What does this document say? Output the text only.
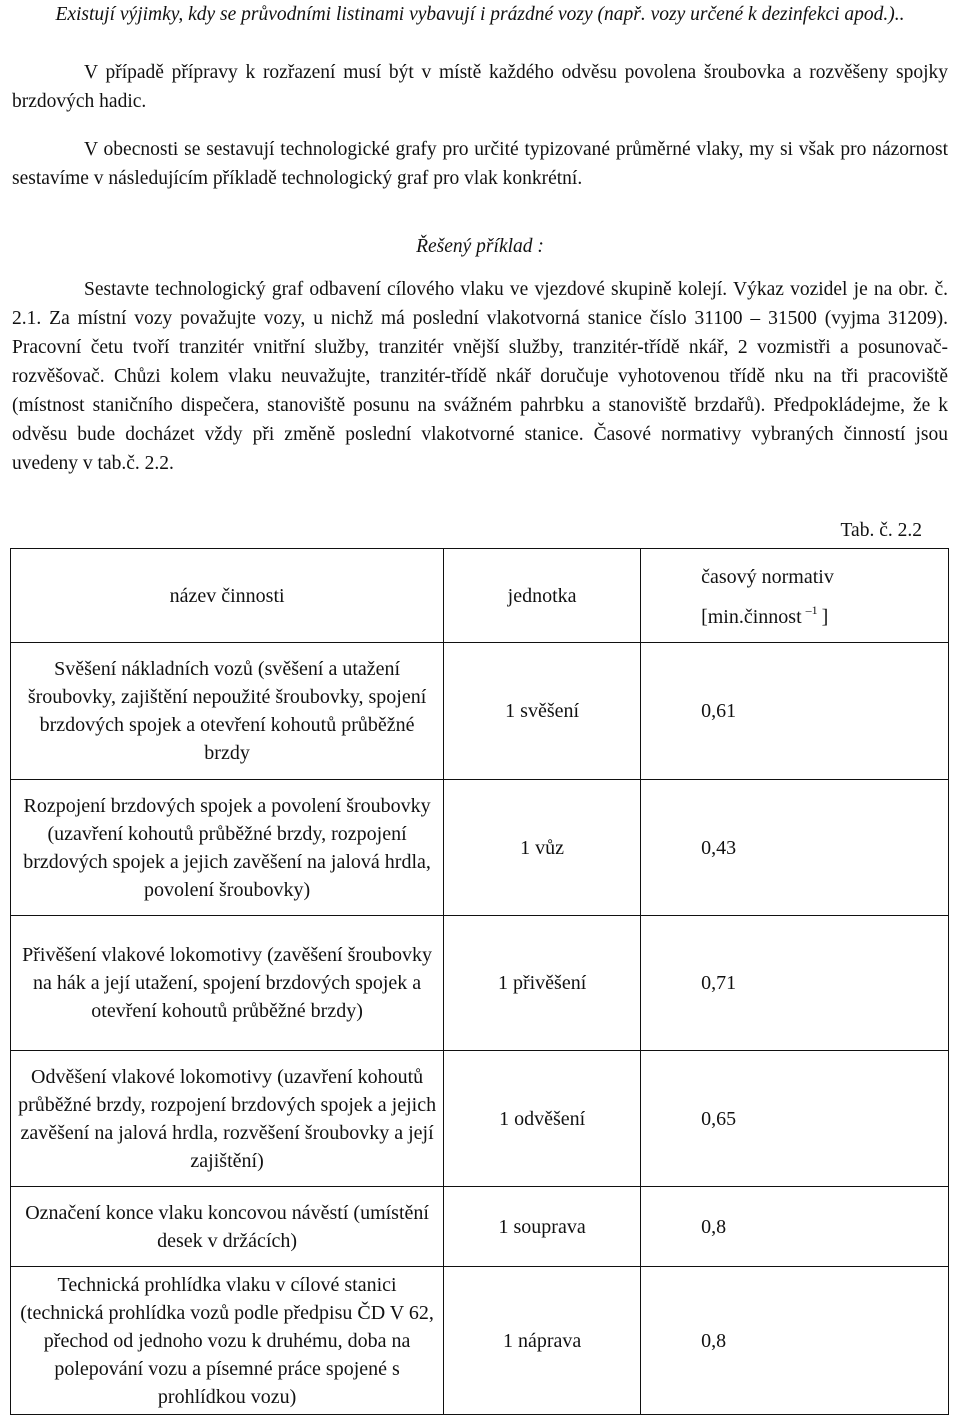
Existují výjimky, kdy se průvodními listinami vybavují i prázdné vozy (např. vozy určené k dezinfekci apod.)..
V případě přípravy k rozřazení musí být v místě každého odvěsu povolena šroubovka a rozvěšeny spojky brzdových hadic.
V obecnosti se sestavují technologické grafy pro určité typizované průměrné vlaky, my si však pro názornost sestavíme v následujícím příkladě technologický graf pro vlak konkrétní.
Řešený příklad :
Sestavte technologický graf odbavení cílového vlaku ve vjezdové skupině kolejí. Výkaz vozidel je na obr. č. 2.1. Za místní vozy považujte vozy, u nichž má poslední vlakotvorná stanice číslo 31100 – 31500 (vyjma 31209). Pracovní četu tvoří tranzitér vnitřní služby, tranzitér vnější služby, tranzitér-třídě nkář, 2 vozmistři a posunovač-rozvěšovač. Chůzi kolem vlaku neuvažujte, tranzitér-třídě nkář doručuje vyhotovenou třídě nku na tři pracoviště (místnost staničního dispečera, stanoviště posunu na svážném pahrbku a stanoviště brzdařů). Předpokládejme, že k odvěsu bude docházet vždy při změně poslední vlakotvorné stanice. Časové normativy vybraných činností jsou uvedeny v tab.č. 2.2.
Tab. č. 2.2
název činnosti	jednotka	časový normativ
[min.činnost $^{-1}$ ]

Svěšení nákladních vozů (svěšení a utažení šroubovky, zajištění nepoužité šroubovky, spojení brzdových spojek a otevření kohoutů průběžné brzdy	1 svěšení	0,61
Rozpojení brzdových spojek a povolení šroubovky (uzavření kohoutů průběžné brzdy, rozpojení brzdových spojek a jejich zavěšení na jalová hrdla, povolení šroubovky)	1 vůz	0,43
Přivěšení vlakové lokomotivy (zavěšení šroubovky na hák a její utažení, spojení brzdových spojek a otevření kohoutů průběžné brzdy)	1 přivěšení	0,71
Odvěšení vlakové lokomotivy (uzavření kohoutů průběžné brzdy, rozpojení brzdových spojek a jejich zavěšení na jalová hrdla, rozvěšení šroubovky a její zajištění)	1 odvěšení	0,65
Označení konce vlaku koncovou návěstí (umístění desek v držácích)	1 souprava	0,8
Technická prohlídka vlaku v cílové stanici (technická prohlídka vozů podle předpisu ČD V 62, přechod od jednoho vozu k druhému, doba na polepování vozu a písemné práce spojené s prohlídkou vozu)	1 náprava	0,8
